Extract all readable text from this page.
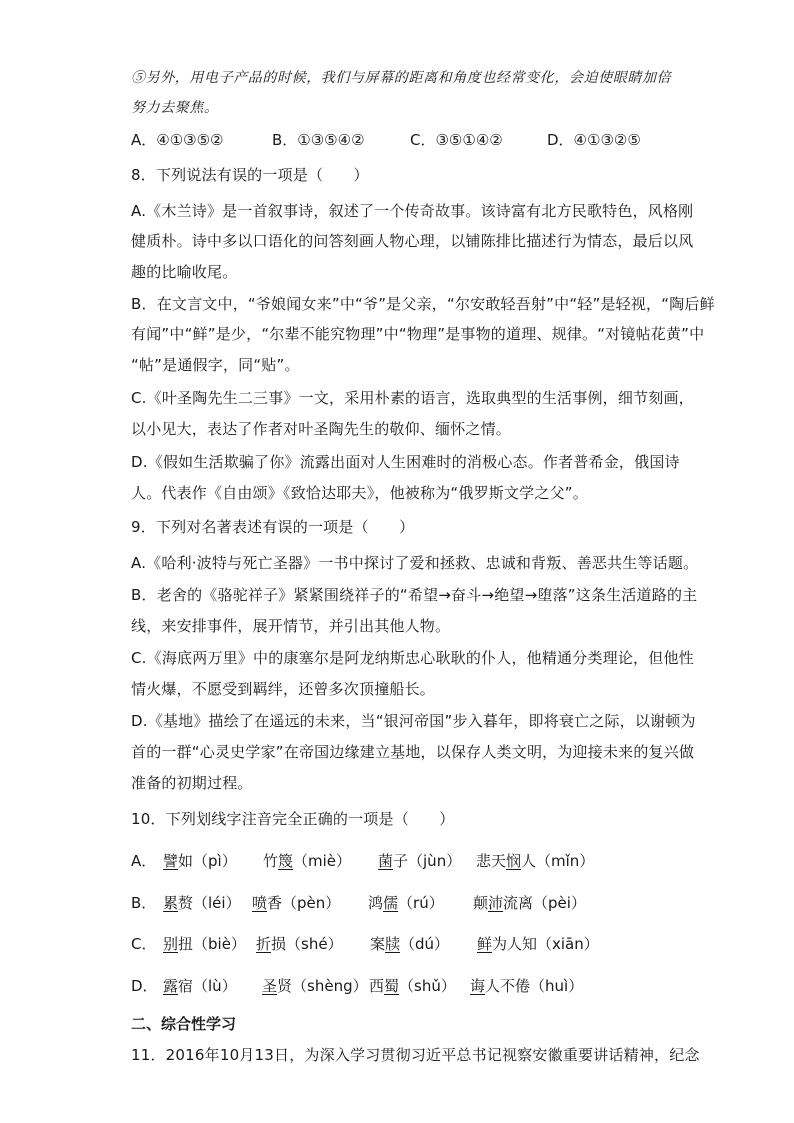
⑤另外，用电子产品的时候，我们与屏幕的距离和角度也经常变化，会迫使眼睛加倍
努力去聚焦。
A．④①③⑤②	B．①③⑤④②	C．③⑤①④②	D．④①③②⑤
8．下列说法有误的一项是（　　）
A.《木兰诗》是一首叙事诗，叙述了一个传奇故事。该诗富有北方民歌特色，风格刚
健质朴。诗中多以口语化的问答刻画人物心理，以铺陈排比描述行为情态，最后以风
趣的比喻收尾。
B．在文言文中，“爷娘闻女来”中“爷”是父亲，“尔安敢轻吾射”中“轻”是轻视，“陶后鲜
有闻”中“鲜”是少，“尔辈不能究物理”中“物理”是事物的道理、规律。“对镜帖花黄”中
“帖”是通假字，同“贴”。
C.《叶圣陶先生二三事》一文，采用朴素的语言，选取典型的生活事例，细节刻画，
以小见大，表达了作者对叶圣陶先生的敬仰、缅怀之情。
D.《假如生活欺骗了你》流露出面对人生困难时的消极心态。作者普希金，俄国诗
人。代表作《自由颂》《致恰达耶夫》，他被称为“俄罗斯文学之父”。
9．下列对名著表述有误的一项是（　　）
A.《哈利·波特与死亡圣器》一书中探讨了爱和拯救、忠诚和背叛、善恶共生等话题。
B．老舍的《骆驼祥子》紧紧围绕祥子的“希望→奋斗→绝望→堕落”这条生活道路的主
线，来安排事件，展开情节，并引出其他人物。
C.《海底两万里》中的康塞尔是阿龙纳斯忠心耿耿的仆人，他精通分类理论，但他性
情火爆，不愿受到羁绊，还曾多次顶撞船长。
D.《基地》描绘了在遥远的未来，当“银河帝国”步入暮年，即将衰亡之际，以谢顿为
首的一群“心灵史学家”在帝国边缘建立基地，以保存人类文明，为迎接未来的复兴做
准备的初期过程。
10．下列划线字注音完全正确的一项是（　　）
A． 譬如（pì） 竹篾（miè） 菌子（jùn） 悲天悯人（mǐn）
B． 累赘（léi） 喷香（pèn） 鸿儒（rú） 颠沛流离（pèi）
C． 别扭（biè） 折损（shé） 案牍（dú） 鲜为人知（xiān）
D． 露宿（lù） 圣贤（shèng） 西蜀（shǔ） 诲人不倦（huì）
二、综合性学习
11．2016年10月13日，为深入学习贯彻习近平总书记视察安徽重要讲话精神，纪念
